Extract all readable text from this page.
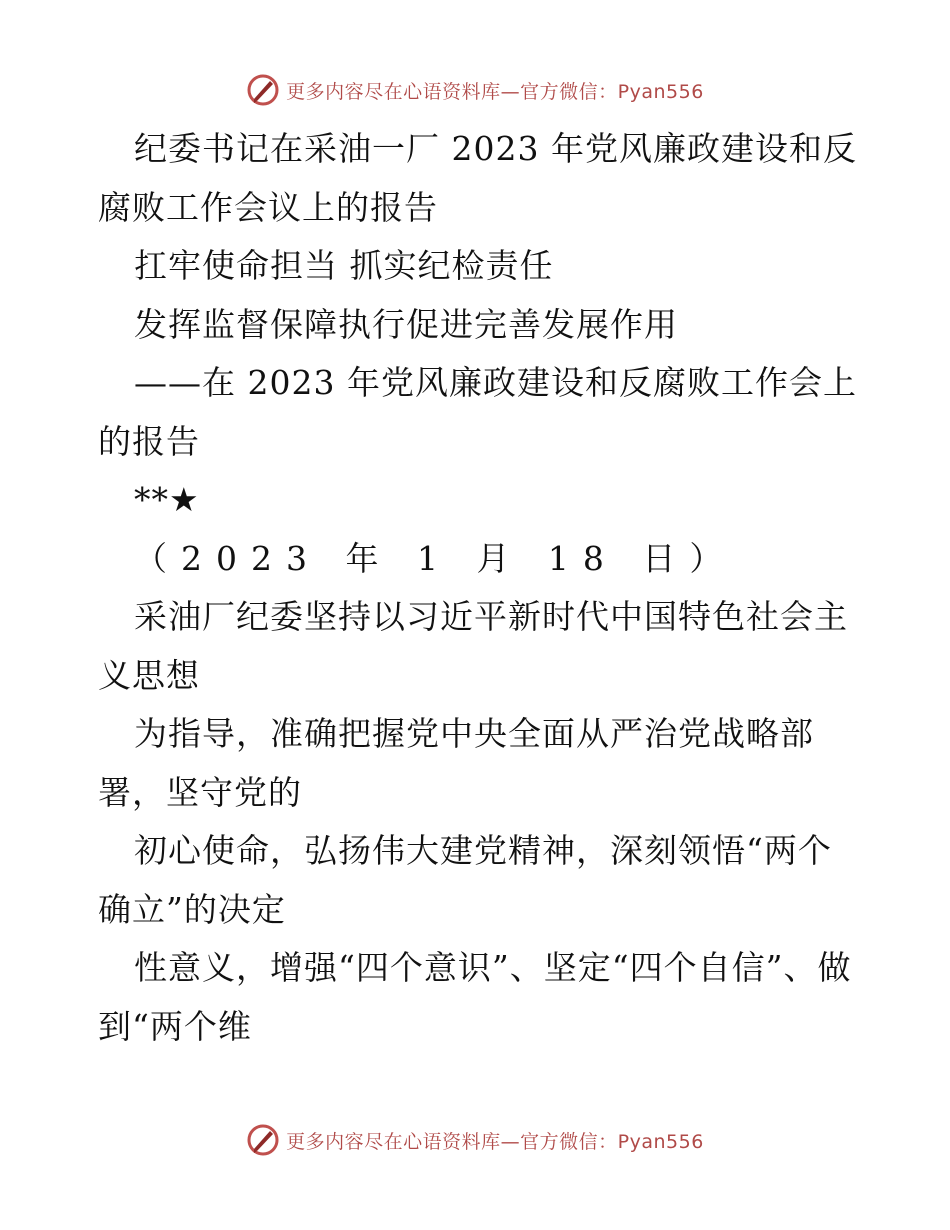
更多内容尽在心语资料库—官方微信：Pyan556

纪委书记在采油一厂 2023 年党风廉政建设和反腐败工作会议上的报告

扛牢使命担当 抓实纪检责任

发挥监督保障执行促进完善发展作用

——在 2023 年党风廉政建设和反腐败工作会上的报告

**★

（2023 年 1 月 18 日）

采油厂纪委坚持以习近平新时代中国特色社会主义思想

为指导，准确把握党中央全面从严治党战略部署，坚守党的

初心使命，弘扬伟大建党精神，深刻领悟“两个确立”的决定

性意义，增强“四个意识”、坚定“四个自信”、做到“两个维

更多内容尽在心语资料库—官方微信：Pyan556
